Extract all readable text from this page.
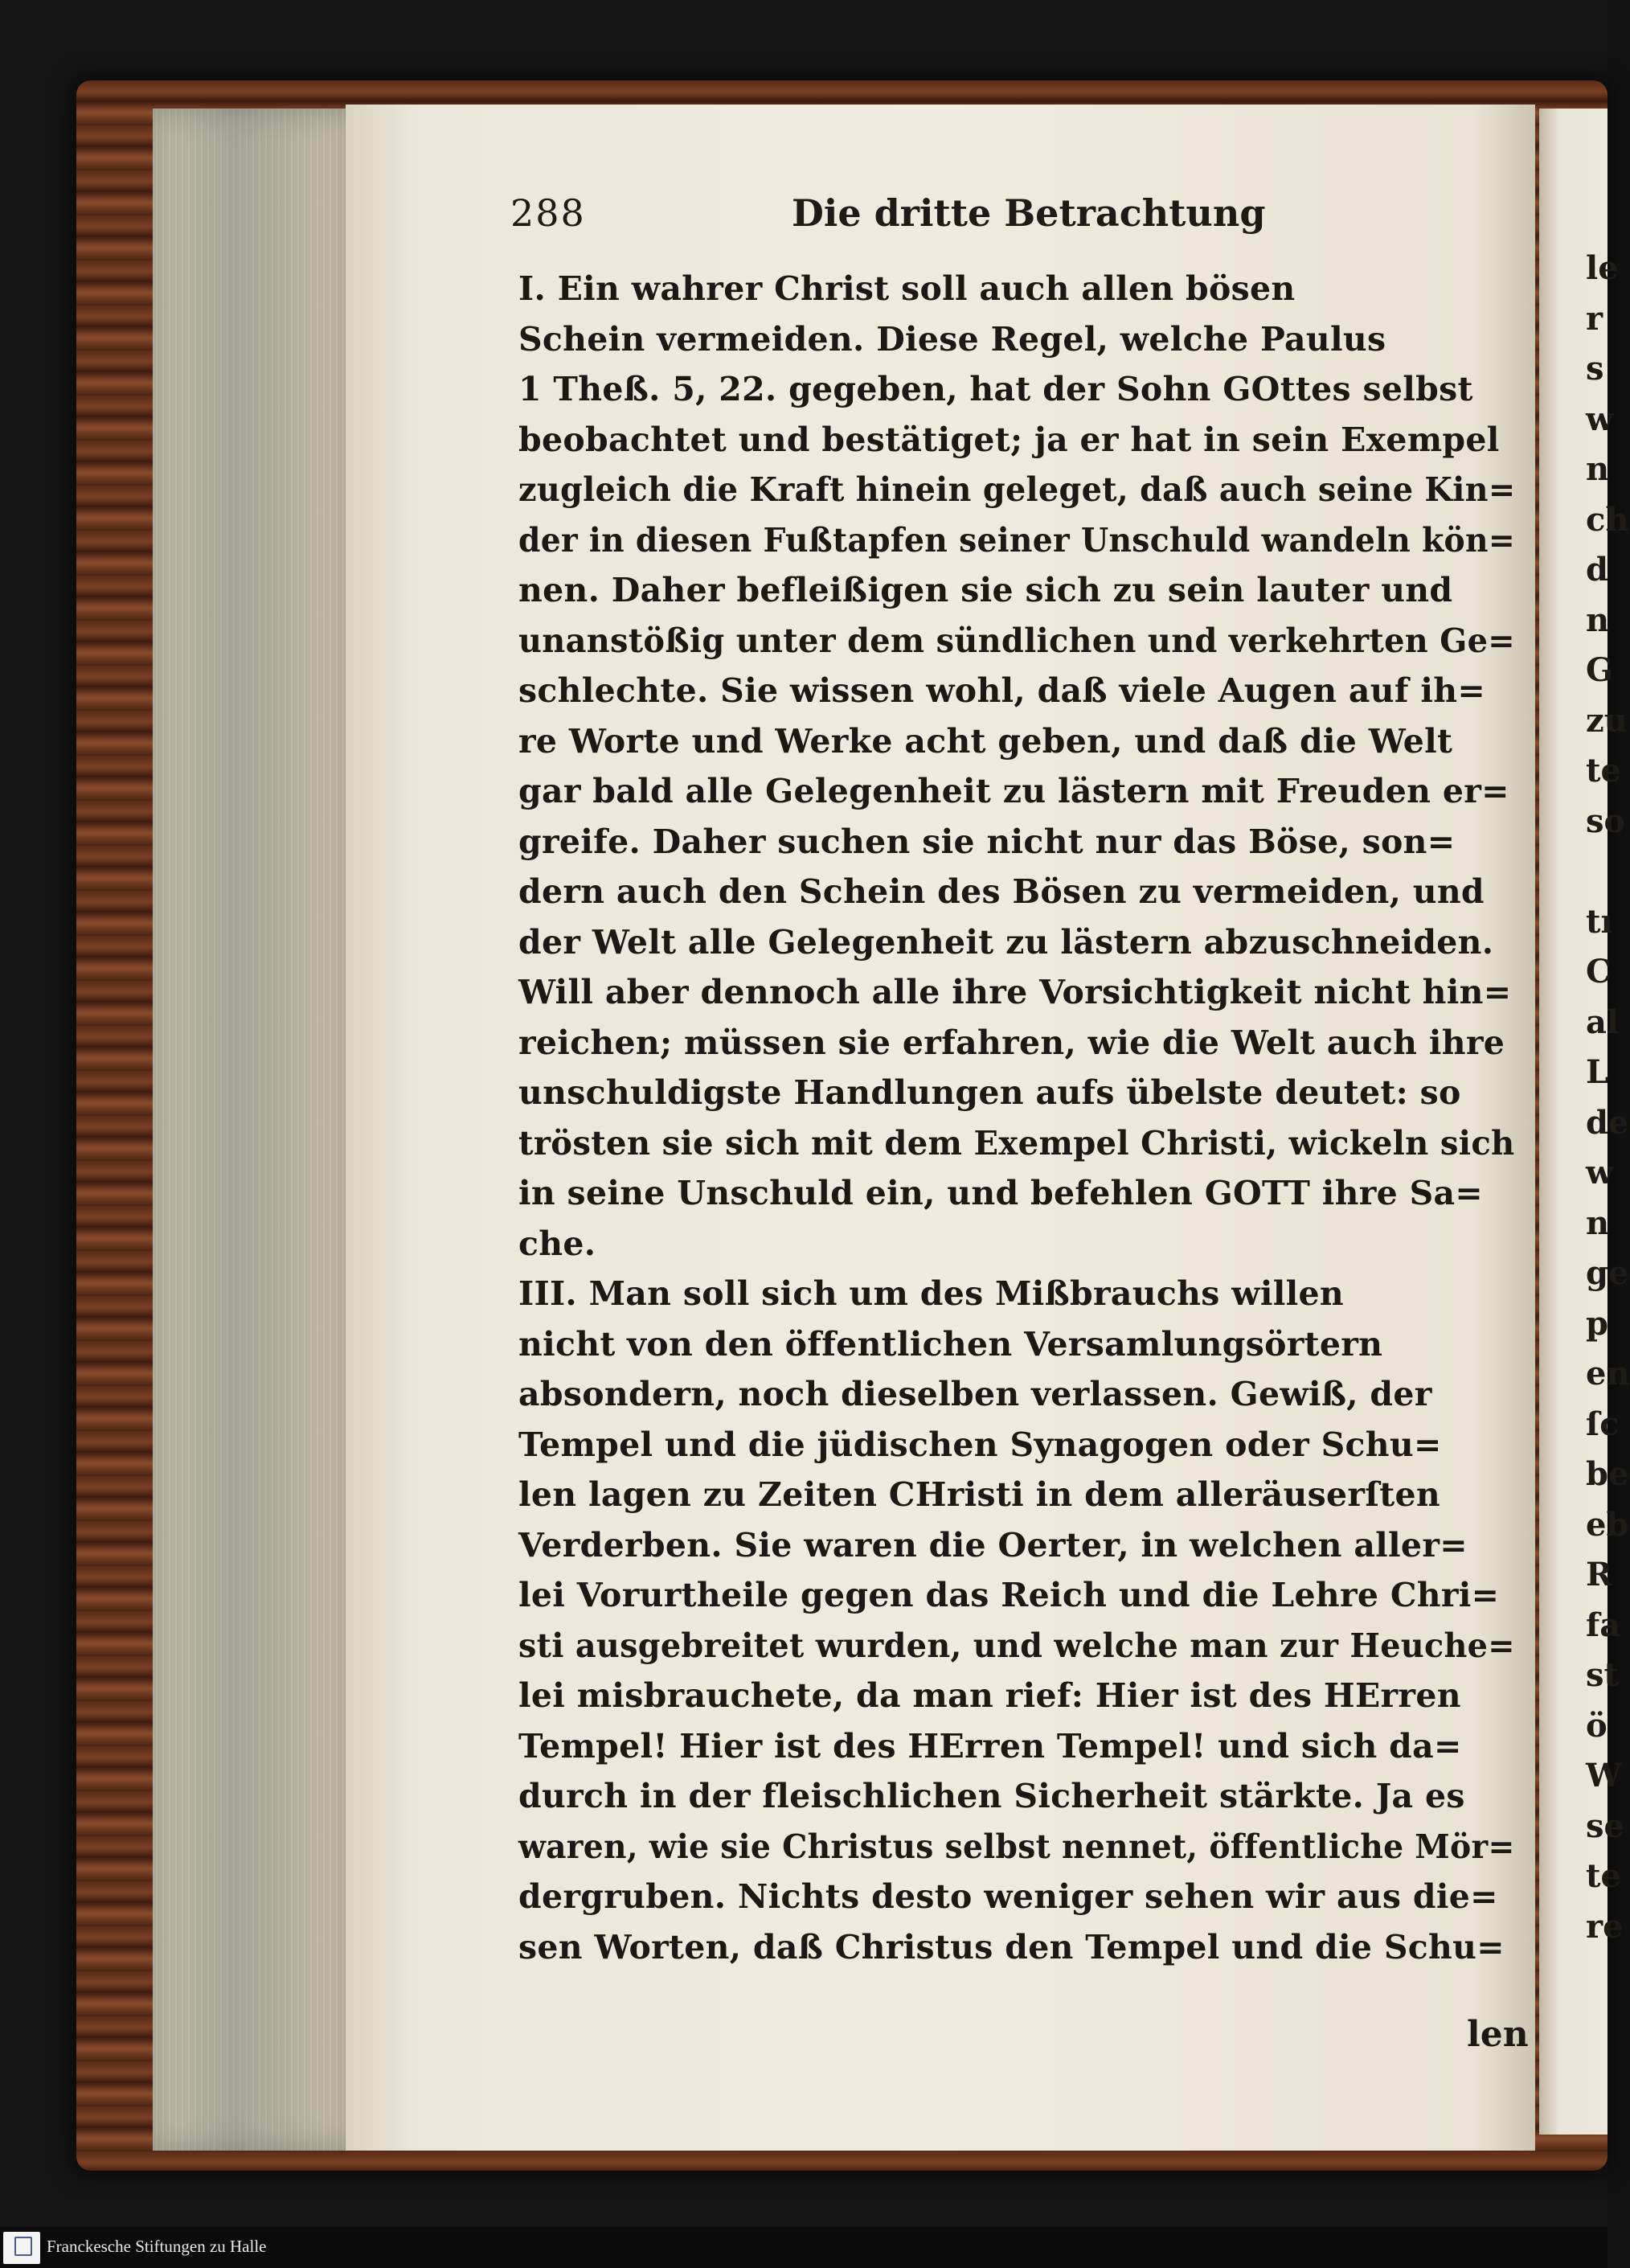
le
r
s
w
n
ch
d
n
G
zu
te
so
tı
C
al
L
de
w
n
ge
p
en
ſc
be
eb
R
fa
st
ö
W
se
te
re
288	Die dritte Betrachtung
I. Ein wahrer Christ soll auch allen bösen
Schein vermeiden. Diese Regel, welche Paulus
1 Theß. 5, 22. gegeben, hat der Sohn GOttes selbst
beobachtet und bestätiget; ja er hat in sein Exempel
zugleich die Kraft hinein geleget, daß auch seine Kin=
der in diesen Fußtapfen seiner Unschuld wandeln kön=
nen. Daher befleißigen sie sich zu sein lauter und
unanstößig unter dem sündlichen und verkehrten Ge=
schlechte. Sie wissen wohl, daß viele Augen auf ih=
re Worte und Werke acht geben, und daß die Welt
gar bald alle Gelegenheit zu lästern mit Freuden er=
greife. Daher suchen sie nicht nur das Böse, son=
dern auch den Schein des Bösen zu vermeiden, und
der Welt alle Gelegenheit zu lästern abzuschneiden.
Will aber dennoch alle ihre Vorsichtigkeit nicht hin=
reichen; müssen sie erfahren, wie die Welt auch ihre
unschuldigste Handlungen aufs übelste deutet: so
trösten sie sich mit dem Exempel Christi, wickeln sich
in seine Unschuld ein, und befehlen GOTT ihre Sa=
che.
III. Man soll sich um des Mißbrauchs willen
nicht von den öffentlichen Versamlungsörtern
absondern, noch dieselben verlassen. Gewiß, der
Tempel und die jüdischen Synagogen oder Schu=
len lagen zu Zeiten CHristi in dem alleräuserſten
Verderben. Sie waren die Oerter, in welchen aller=
lei Vorurtheile gegen das Reich und die Lehre Chri=
sti ausgebreitet wurden, und welche man zur Heuche=
lei misbrauchete, da man rief: Hier ist des HErren
Tempel! Hier ist des HErren Tempel! und sich da=
durch in der fleischlichen Sicherheit stärkte. Ja es
waren, wie sie Christus selbst nennet, öffentliche Mör=
dergruben. Nichts desto weniger sehen wir aus die=
sen Worten, daß Christus den Tempel und die Schu=
len
Franckesche Stiftungen zu Halle
